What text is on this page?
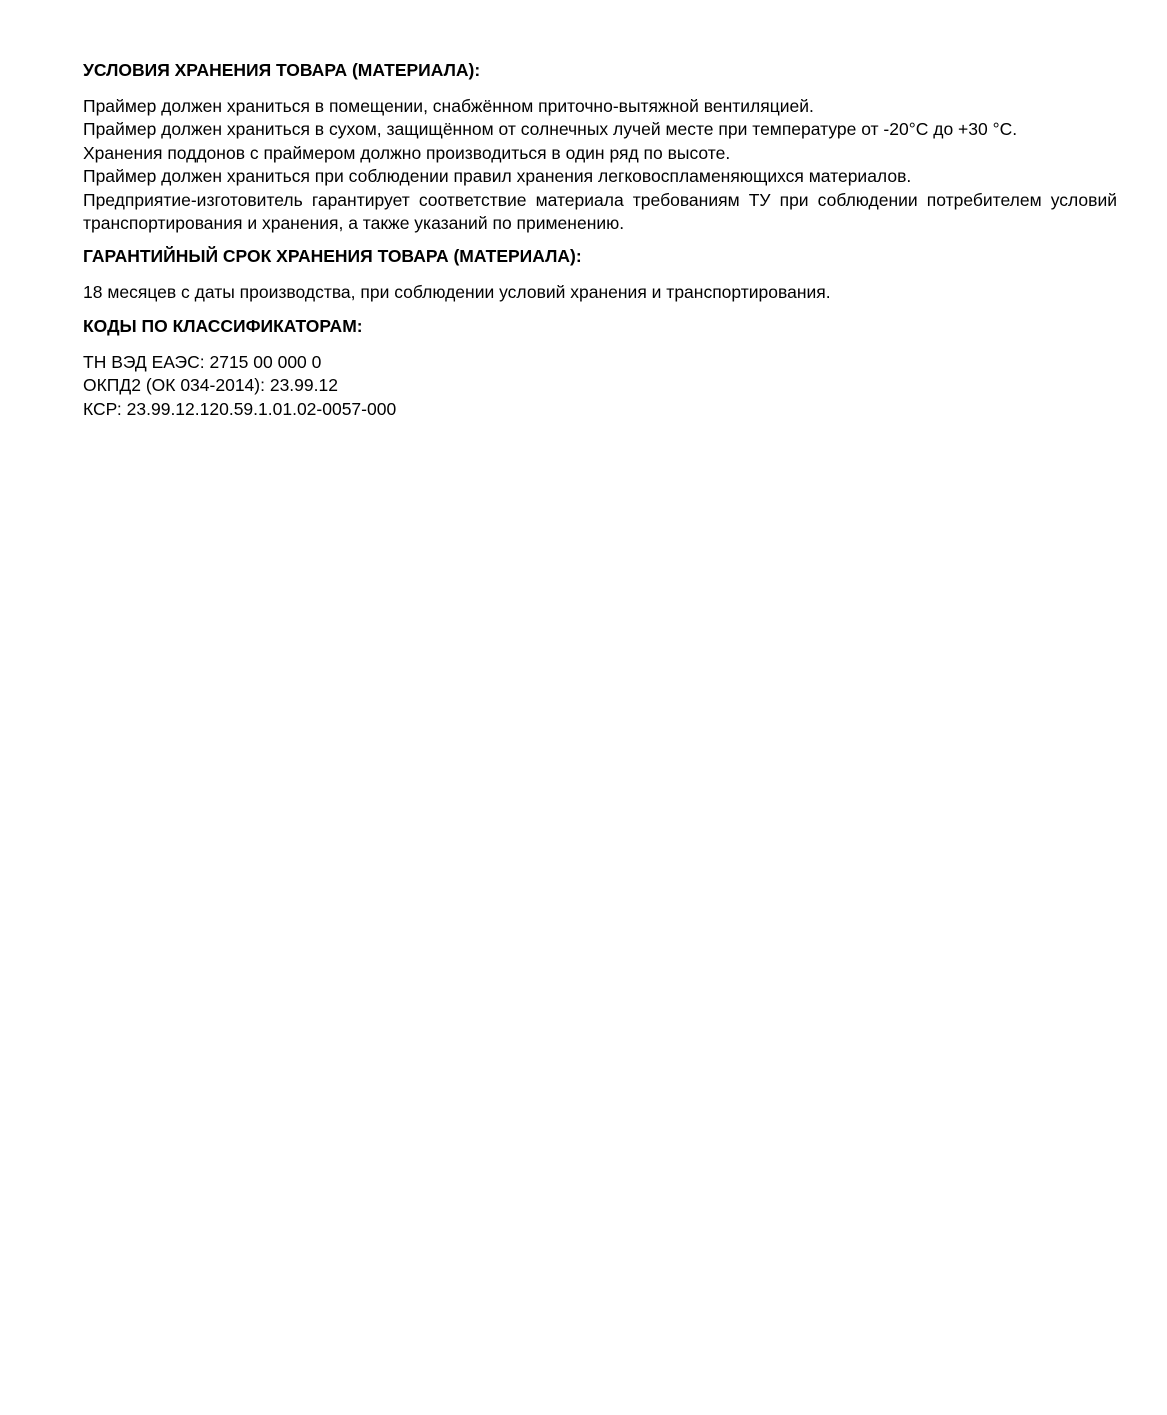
УСЛОВИЯ ХРАНЕНИЯ ТОВАРА (МАТЕРИАЛА):
Праймер должен храниться в помещении, снабжённом приточно-вытяжной вентиляцией.
Праймер должен храниться в сухом, защищённом от солнечных лучей месте при температуре от -20°С до +30 °С.
Хранения поддонов с праймером должно производиться в один ряд по высоте.
Праймер должен храниться при соблюдении правил хранения легковоспламеняющихся материалов.

Предприятие-изготовитель гарантирует соответствие материала требованиям ТУ при соблюдении потребителем условий транспортирования и хранения, а также указаний по применению.

ГАРАНТИЙНЫЙ СРОК ХРАНЕНИЯ ТОВАРА (МАТЕРИАЛА):

18 месяцев с даты производства, при соблюдении условий хранения и транспортирования.

КОДЫ ПО КЛАССИФИКАТОРАМ:
ТН ВЭД ЕАЭС: 2715 00 000 0
ОКПД2 (ОК 034-2014): 23.99.12
КСР: 23.99.12.120.59.1.01.02-0057-000
